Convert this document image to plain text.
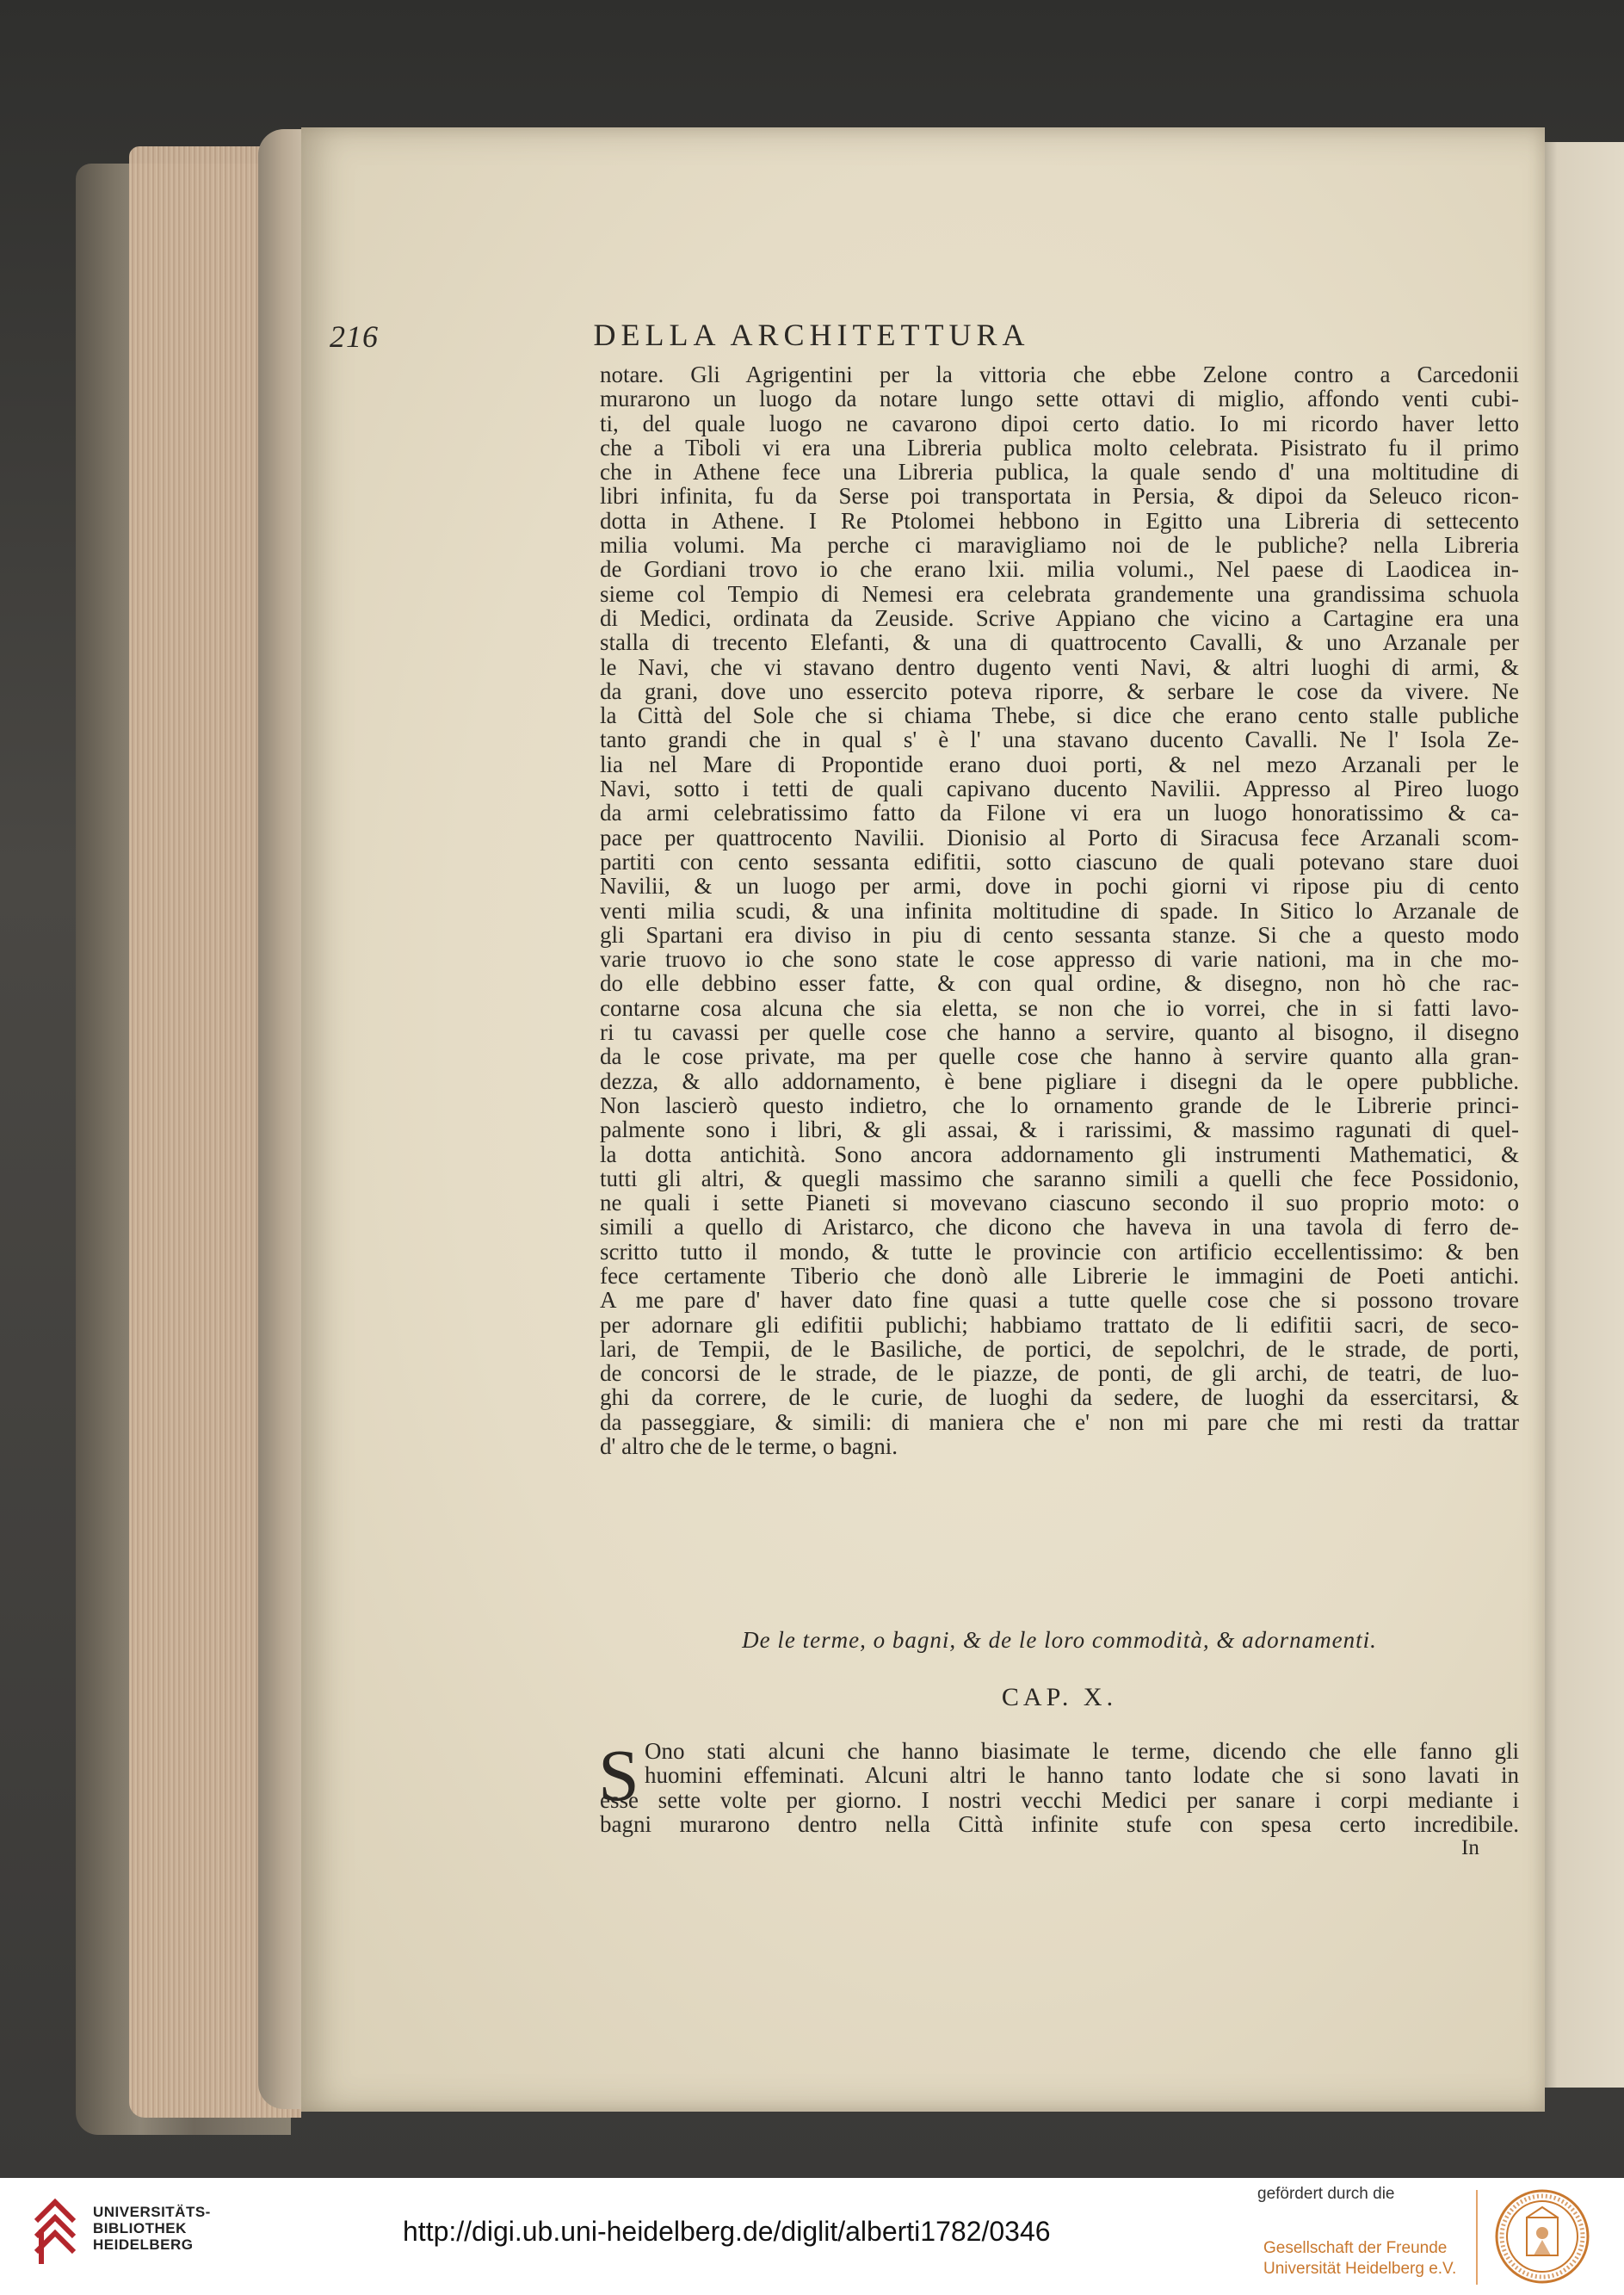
216	DELLA ARCHITETTURA
notare. Gli Agrigentini per la vittoria che ebbe Zelone contro a Carcedonii
murarono un luogo da notare lungo sette ottavi di miglio, affondo venti cubi-
ti, del quale luogo ne cavarono dipoi certo datio. Io mi ricordo haver letto
che a Tiboli vi era una Libreria publica molto celebrata. Pisistrato fu il primo
che in Athene fece una Libreria publica, la quale sendo d' una moltitudine di
libri infinita, fu da Serse poi transportata in Persia, & dipoi da Seleuco ricon-
dotta in Athene. I Re Ptolomei hebbono in Egitto una Libreria di settecento
milia volumi. Ma perche ci maravigliamo noi de le publiche? nella Libreria
de Gordiani trovo io che erano lxii. milia volumi., Nel paese di Laodicea in-
sieme col Tempio di Nemesi era celebrata grandemente una grandissima schuola
di Medici, ordinata da Zeuside. Scrive Appiano che vicino a Cartagine era una
stalla di trecento Elefanti, & una di quattrocento Cavalli, & uno Arzanale per
le Navi, che vi stavano dentro dugento venti Navi, & altri luoghi di armi, &
da grani, dove uno essercito poteva riporre, & serbare le cose da vivere. Ne
la Città del Sole che si chiama Thebe, si dice che erano cento stalle publiche
tanto grandi che in qual s' è l' una stavano ducento Cavalli. Ne l' Isola Ze-
lia nel Mare di Propontide erano duoi porti, & nel mezo Arzanali per le
Navi, sotto i tetti de quali capivano ducento Navilii. Appresso al Pireo luogo
da armi celebratissimo fatto da Filone vi era un luogo honoratissimo & ca-
pace per quattrocento Navilii. Dionisio al Porto di Siracusa fece Arzanali scom-
partiti con cento sessanta edifitii, sotto ciascuno de quali potevano stare duoi
Navilii, & un luogo per armi, dove in pochi giorni vi ripose piu di cento
venti milia scudi, & una infinita moltitudine di spade. In Sitico lo Arzanale de
gli Spartani era diviso in piu di cento sessanta stanze. Si che a questo modo
varie truovo io che sono state le cose appresso di varie nationi, ma in che mo-
do elle debbino esser fatte, & con qual ordine, & disegno, non hò che rac-
contarne cosa alcuna che sia eletta, se non che io vorrei, che in si fatti lavo-
ri tu cavassi per quelle cose che hanno a servire, quanto al bisogno, il disegno
da le cose private, ma per quelle cose che hanno à servire quanto alla gran-
dezza, & allo addornamento, è bene pigliare i disegni da le opere pubbliche.
Non lascierò questo indietro, che lo ornamento grande de le Librerie princi-
palmente sono i libri, & gli assai, & i rarissimi, & massimo ragunati di quel-
la dotta antichità. Sono ancora addornamento gli instrumenti Mathematici, &
tutti gli altri, & quegli massimo che saranno simili a quelli che fece Possidonio,
ne quali i sette Pianeti si movevano ciascuno secondo il suo proprio moto: o
simili a quello di Aristarco, che dicono che haveva in una tavola di ferro de-
scritto tutto il mondo, & tutte le provincie con artificio eccellentissimo: & ben
fece certamente Tiberio che donò alle Librerie le immagini de Poeti antichi.
A me pare d' haver dato fine quasi a tutte quelle cose che si possono trovare
per adornare gli edifitii publichi; habbiamo trattato de li edifitii sacri, de seco-
lari, de Tempii, de le Basiliche, de portici, de sepolchri, de le strade, de porti,
de concorsi de le strade, de le piazze, de ponti, de gli archi, de teatri, de luo-
ghi da correre, de le curie, de luoghi da sedere, de luoghi da essercitarsi, &
da passeggiare, & simili: di maniera che e' non mi pare che mi resti da trattar
d' altro che de le terme, o bagni.
De le terme, o bagni, & de le loro commodità, & adornamenti.
CAP. X.
S Ono stati alcuni che hanno biasimate le terme, dicendo che elle fanno gli
huomini effeminati. Alcuni altri le hanno tanto lodate che si sono lavati in
esse sette volte per giorno. I nostri vecchi Medici per sanare i corpi mediante i
bagni murarono dentro nella Città infinite stufe con spesa certo incredibile.
In
UNIVERSITÄTS-
BIBLIOTHEK
HEIDELBERG	http://digi.ub.uni-heidelberg.de/diglit/alberti1782/0346
gefördert durch die
Gesellschaft der Freunde
Universität Heidelberg e.V.
